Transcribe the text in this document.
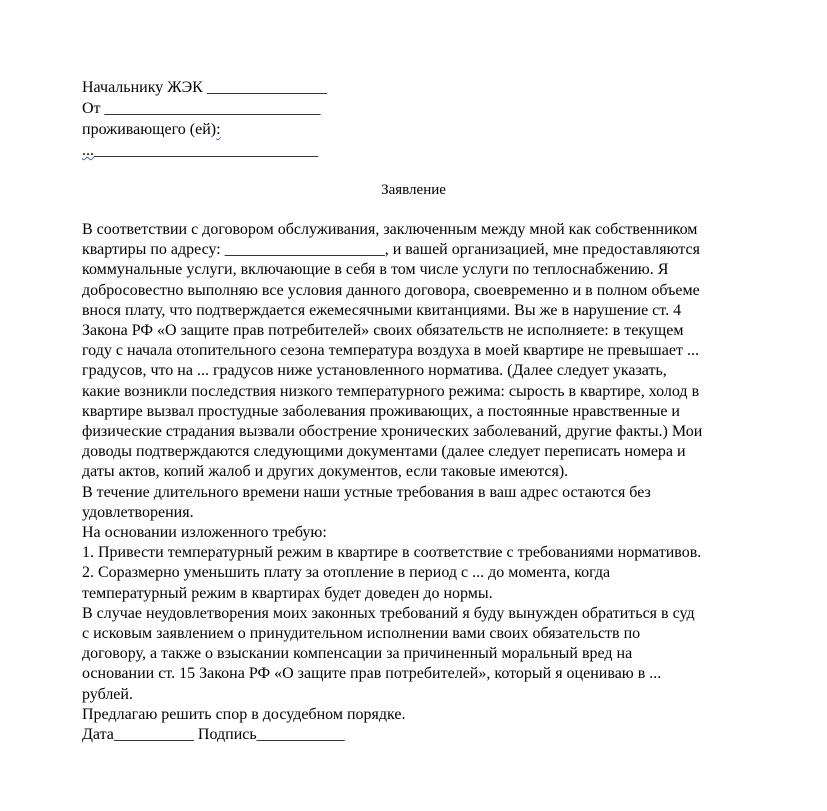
Начальнику ЖЭК _______________
От ___________________________
проживающего (ей):
...____________________________
Заявление
В соответствии с договором обслуживания, заключенным между мной как собственником
квартиры по адресу: ____________________, и вашей организацией, мне предоставляются
коммунальные услуги, включающие в себя в том числе услуги по теплоснабжению. Я
добросовестно выполняю все условия данного договора, своевременно и в полном объеме
внося плату, что подтверждается ежемесячными квитанциями. Вы же в нарушение ст. 4
Закона РФ «О защите прав потребителей» своих обязательств не исполняете: в текущем
году с начала отопительного сезона температура воздуха в моей квартире не превышает ...
градусов, что на ... градусов ниже установленного норматива. (Далее следует указать,
какие возникли последствия низкого температурного режима: сырость в квартире, холод в
квартире вызвал простудные заболевания проживающих, а постоянные нравственные и
физические страдания вызвали обострение хронических заболеваний, другие факты.) Мои
доводы подтверждаются следующими документами (далее следует переписать номера и
даты актов, копий жалоб и других документов, если таковые имеются).
В течение длительного времени наши устные требования в ваш адрес остаются без
удовлетворения.
На основании изложенного требую:
1. Привести температурный режим в квартире в соответствие с требованиями нормативов.
2. Соразмерно уменьшить плату за отопление в период с ... до момента, когда
температурный режим в квартирах будет доведен до нормы.
В случае неудовлетворения моих законных требований я буду вынужден обратиться в суд
с исковым заявлением о принудительном исполнении вами своих обязательств по
договору, а также о взыскании компенсации за причиненный моральный вред на
основании ст. 15 Закона РФ «О защите прав потребителей», который я оцениваю в ...
рублей.
Предлагаю решить спор в досудебном порядке.
Дата__________ Подпись___________
